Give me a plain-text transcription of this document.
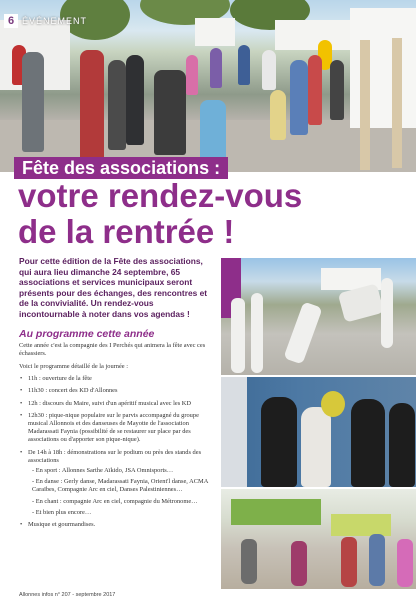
6 ÉVÉNEMENT
Fête des associations :
votre rendez-vous
de la rentrée !

Pour cette édition de la Fête des associations, qui aura lieu dimanche 24 septembre, 65 associations et services municipaux seront présents pour des échanges, des rencontres et de la convivialité. Un rendez-vous incontournable à noter dans vos agendas !

Au programme cette année

Cette année c'est la compagnie des I Perchés qui animera la fête avec ces échassiers.

Voici le programme détaillé de la journée :

• 11h : ouverture de la fête
• 11h30 : concert des KD d'Allonnes
• 12h : discours du Maire, suivi d'un apéritif musical avec les KD
• 12h30 : pique-nique populaire sur le parvis accompagné du groupe musical Allonnois et des danseuses de Mayotte de l'association Madarassati Faynia (possibilité de se restaurer sur place par des associations ou d'apporter son pique-nique).
• De 14h à 18h : démonstrations sur le podium ou près des stands des associations
- En sport : Allonnes Sarthe Aïkido, JSA Omnisports…
- En danse : Gerly danse, Madarassati Faynia, Orient'l danse, ACMA Caraïbes, Compagnie Arc en ciel, Danses Palestiniennes…
- En chant : compagnie Arc en ciel, compagnie du Métronome…
- Et bien plus encore…
• Musique et gourmandises.
Allonnes infos n° 207 - septembre 2017
